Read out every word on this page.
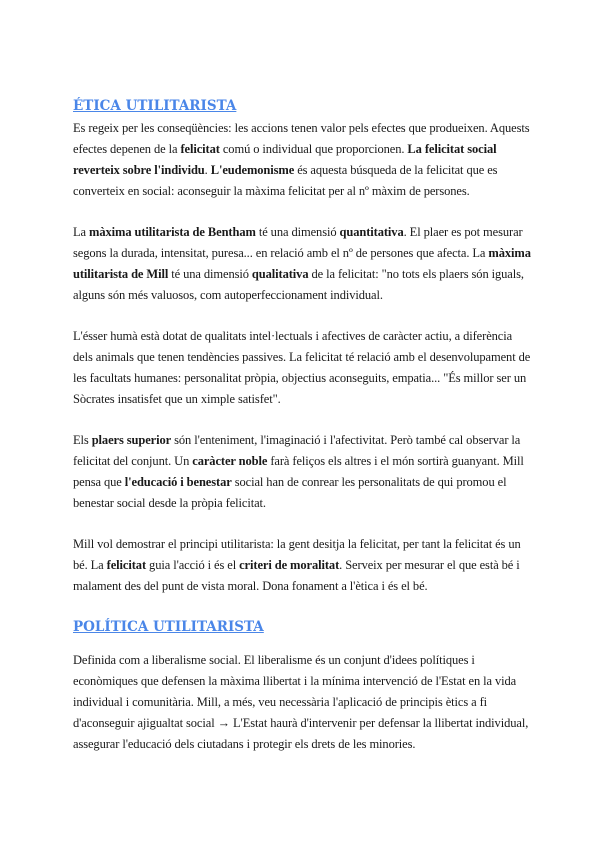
ÉTICA UTILITARISTA

Es regeix per les conseqüències: les accions tenen valor pels efectes que produeixen. Aquests efectes depenen de la felicitat comú o individual que proporcionen. La felicitat social reverteix sobre l'individu. L'eudemonisme és aquesta búsqueda de la felicitat que es converteix en social: aconseguir la màxima felicitat per al nº màxim de persones.

La màxima utilitarista de Bentham té una dimensió quantitativa. El plaer es pot mesurar segons la durada, intensitat, puresa... en relació amb el nº de persones que afecta. La màxima utilitarista de Mill té una dimensió qualitativa de la felicitat: "no tots els plaers són iguals, alguns són més valuosos, com autoperfeccionament individual.

L'ésser humà està dotat de qualitats intel·lectuals i afectives de caràcter actiu, a diferència dels animals que tenen tendències passives. La felicitat té relació amb el desenvolupament de les facultats humanes: personalitat pròpia, objectius aconseguits, empatia... "És millor ser un Sòcrates insatisfet que un ximple satisfet".

Els plaers superior són l'enteniment, l'imaginació i l'afectivitat. Però també cal observar la felicitat del conjunt. Un caràcter noble farà feliços els altres i el món sortirà guanyant. Mill pensa que l'educació i benestar social han de conrear les personalitats de qui promou el benestar social desde la pròpia felicitat.

Mill vol demostrar el principi utilitarista: la gent desitja la felicitat, per tant la felicitat és un bé. La felicitat guia l'acció i és el criteri de moralitat. Serveix per mesurar el que està bé i malament des del punt de vista moral. Dona fonament a l'ètica i és el bé.

POLÍTICA UTILITARISTA

Definida com a liberalisme social. El liberalisme és un conjunt d'idees polítiques i econòmiques que defensen la màxima llibertat i la mínima intervenció de l'Estat en la vida individual i comunitària. Mill, a més, veu necessària l'aplicació de principis ètics a fi d'aconseguir ajigualtat social → L'Estat haurà d'intervenir per defensar la llibertat individual, assegurar l'educació dels ciutadans i protegir els drets de les minories.
